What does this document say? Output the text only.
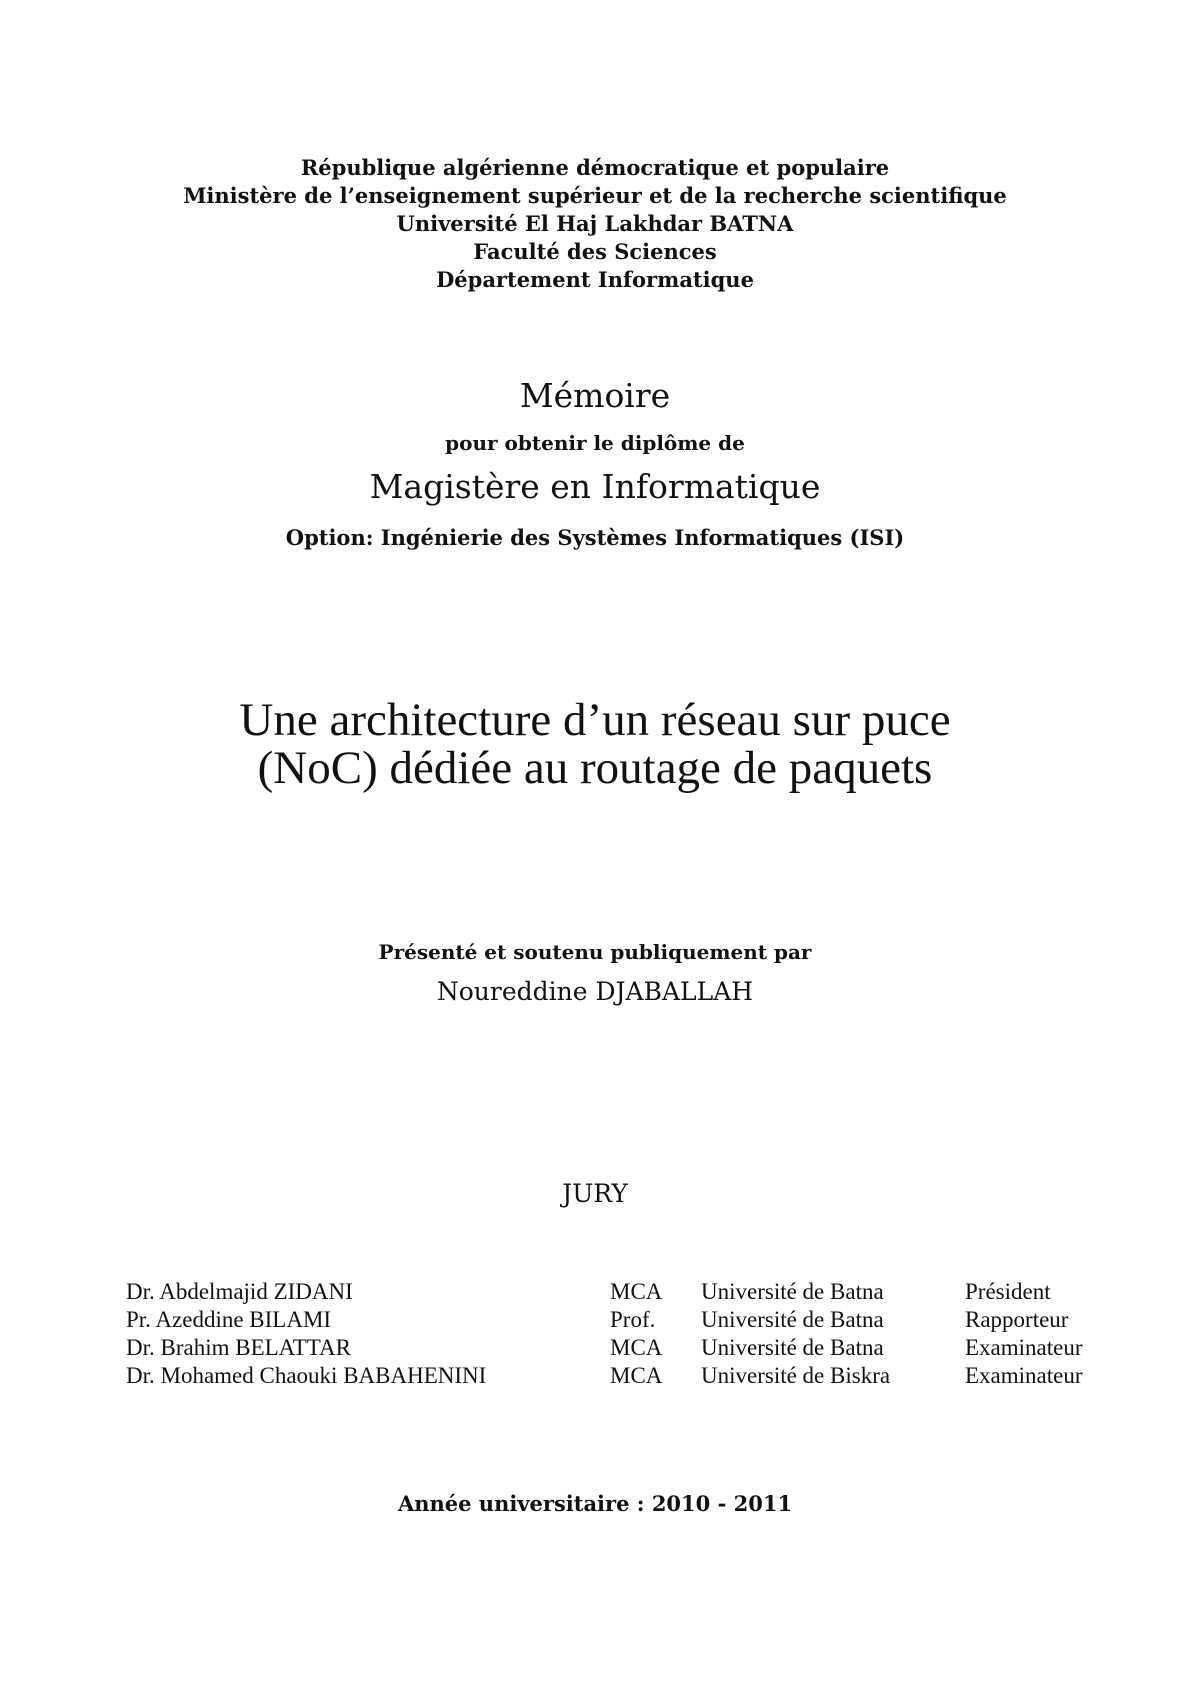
République algérienne démocratique et populaire
Ministère de l’enseignement supérieur et de la recherche scientifique
Université El Haj Lakhdar BATNA
Faculté des Sciences
Département Informatique
Mémoire
pour obtenir le diplôme de
Magistère en Informatique
Option: Ingénierie des Systèmes Informatiques (ISI)
Une architecture d’un réseau sur puce
(NoC) dédiée au routage de paquets
Présenté et soutenu publiquement par
Noureddine DJABALLAH
JURY
Dr. Abdelmajid ZIDANI	MCA	Université de Batna	Président
Pr. Azeddine BILAMI	Prof.	Université de Batna	Rapporteur
Dr. Brahim BELATTAR	MCA	Université de Batna	Examinateur
Dr. Mohamed Chaouki BABAHENINI	MCA	Université de Biskra	Examinateur
Année universitaire : 2010 - 2011
